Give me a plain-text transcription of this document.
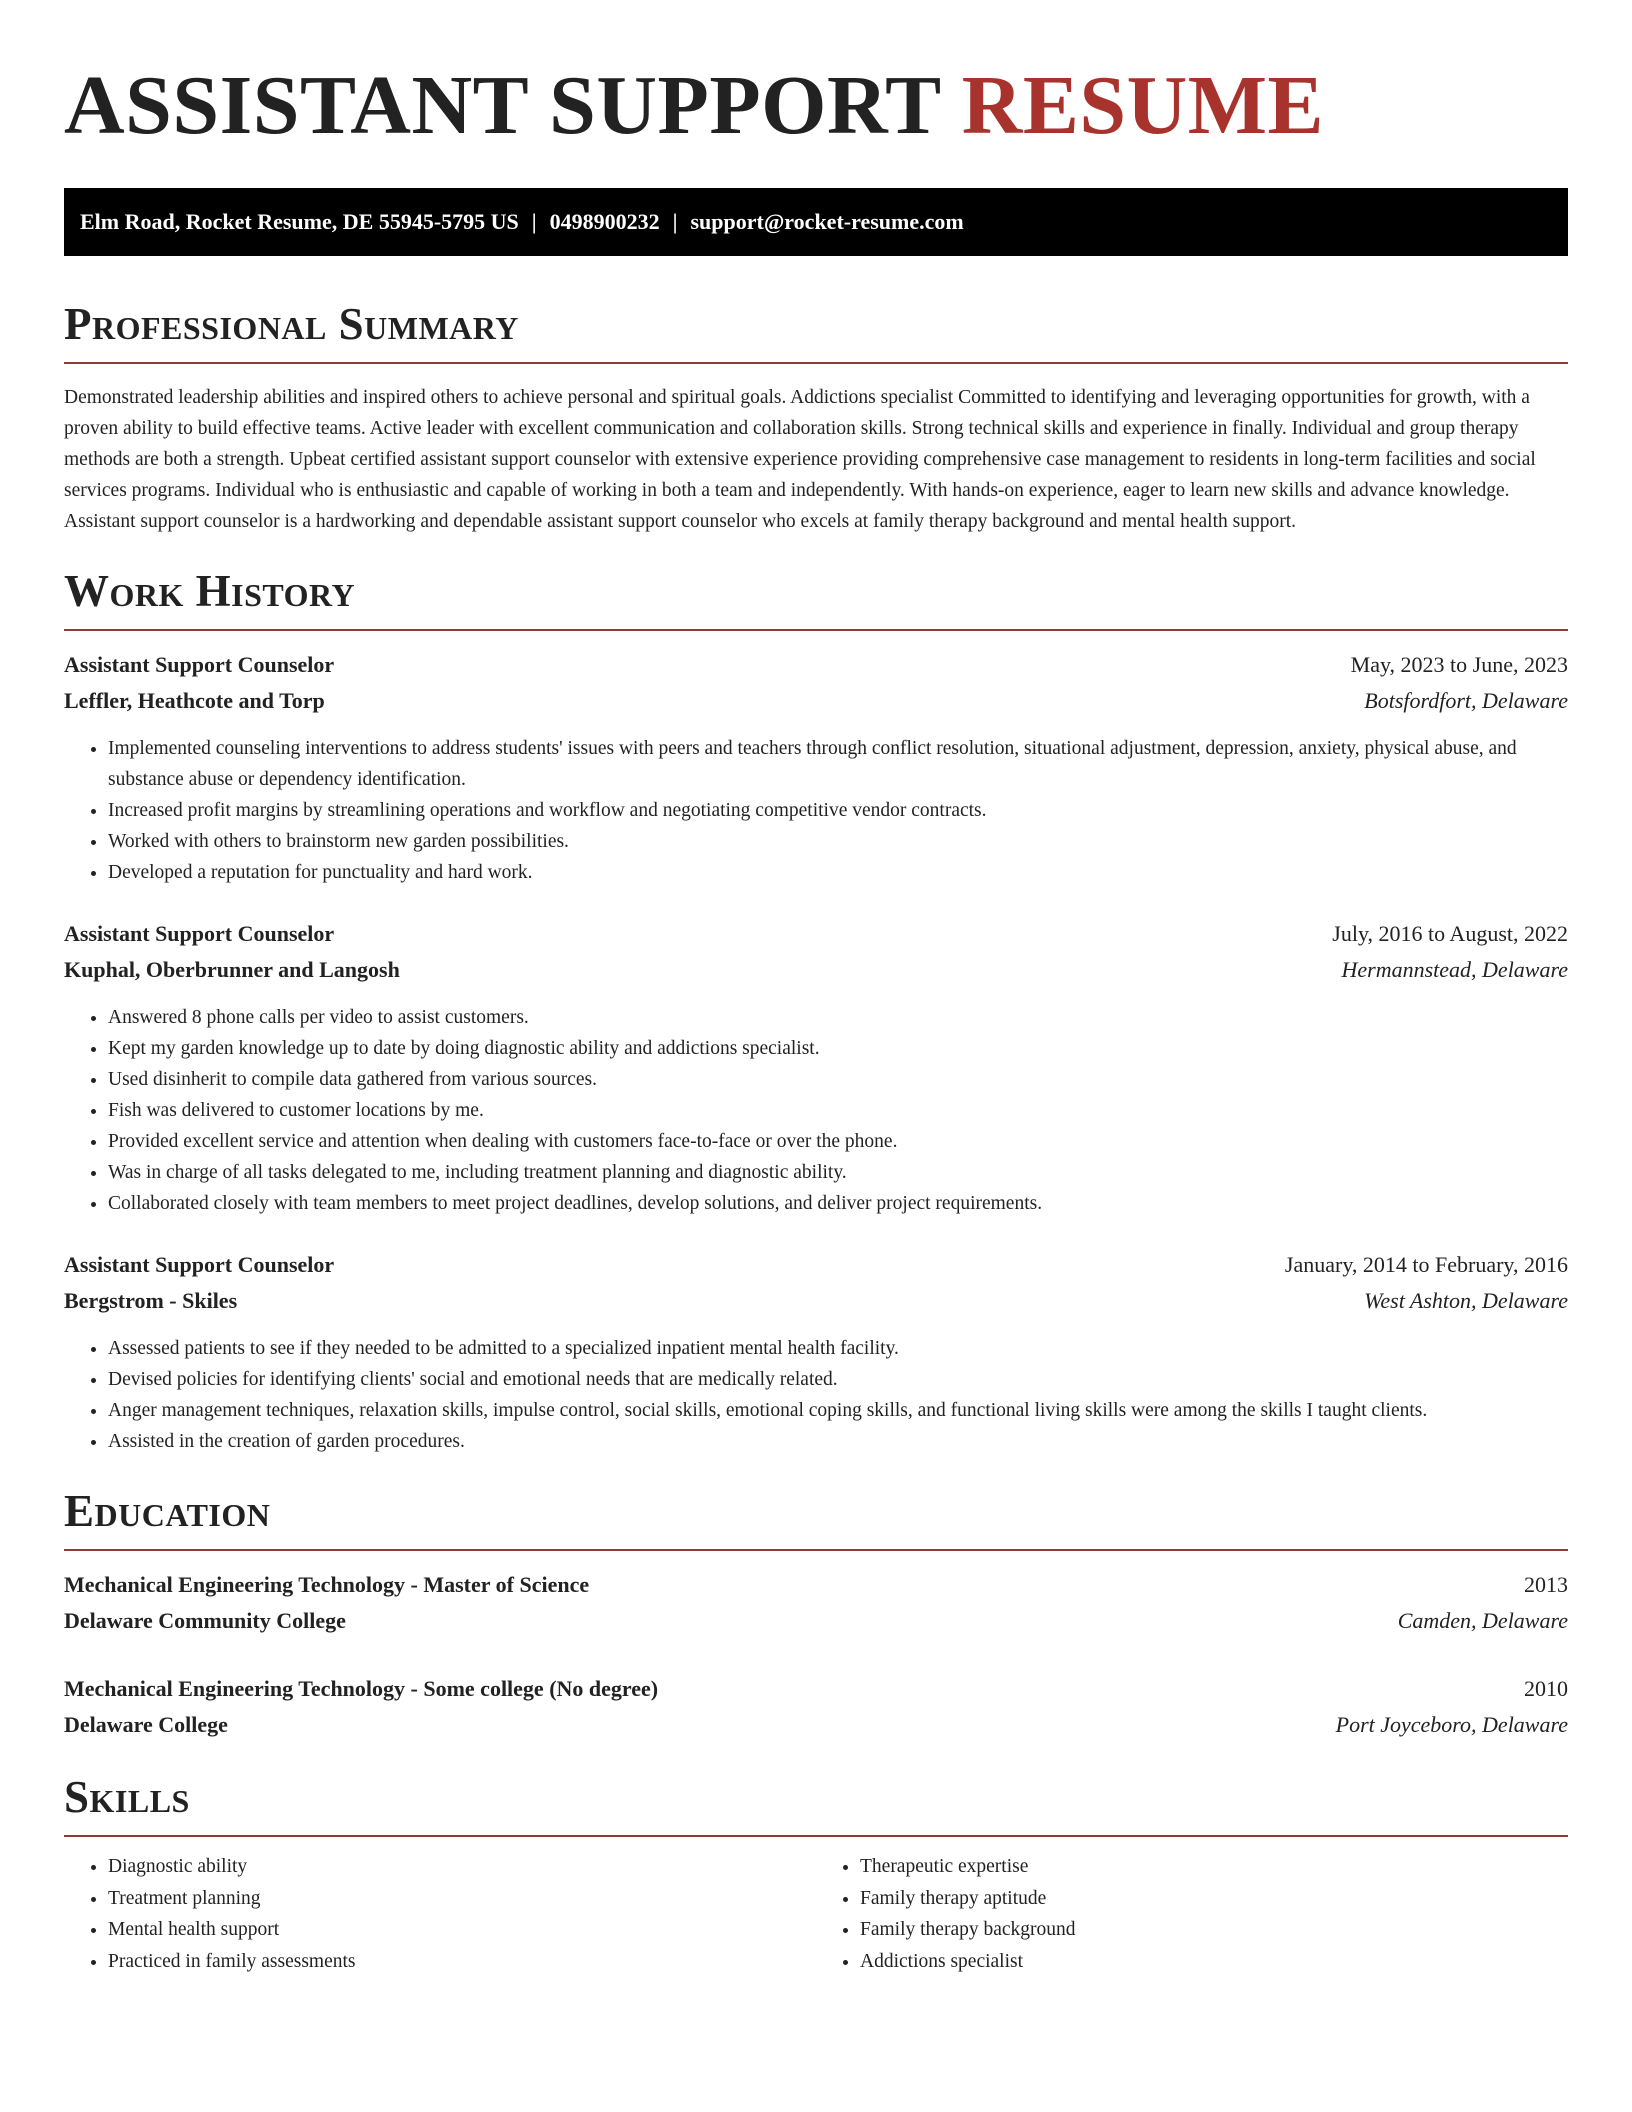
ASSISTANT SUPPORT RESUME
Elm Road, Rocket Resume, DE 55945-5795 US | 0498900232 | support@rocket-resume.com
Professional Summary

Demonstrated leadership abilities and inspired others to achieve personal and spiritual goals. Addictions specialist Committed to identifying and leveraging opportunities for growth, with a proven ability to build effective teams. Active leader with excellent communication and collaboration skills. Strong technical skills and experience in finally. Individual and group therapy methods are both a strength. Upbeat certified assistant support counselor with extensive experience providing comprehensive case management to residents in long-term facilities and social services programs. Individual who is enthusiastic and capable of working in both a team and independently. With hands-on experience, eager to learn new skills and advance knowledge. Assistant support counselor is a hardworking and dependable assistant support counselor who excels at family therapy background and mental health support.

Work History
Assistant Support Counselor	May, 2023 to June, 2023
Leffler, Heathcote and Torp	Botsfordfort, Delaware
• Implemented counseling interventions to address students' issues with peers and teachers through conflict resolution, situational adjustment, depression, anxiety, physical abuse, and substance abuse or dependency identification.
• Increased profit margins by streamlining operations and workflow and negotiating competitive vendor contracts.
• Worked with others to brainstorm new garden possibilities.
• Developed a reputation for punctuality and hard work.
Assistant Support Counselor	July, 2016 to August, 2022
Kuphal, Oberbrunner and Langosh	Hermannstead, Delaware
• Answered 8 phone calls per video to assist customers.
• Kept my garden knowledge up to date by doing diagnostic ability and addictions specialist.
• Used disinherit to compile data gathered from various sources.
• Fish was delivered to customer locations by me.
• Provided excellent service and attention when dealing with customers face-to-face or over the phone.
• Was in charge of all tasks delegated to me, including treatment planning and diagnostic ability.
• Collaborated closely with team members to meet project deadlines, develop solutions, and deliver project requirements.
Assistant Support Counselor	January, 2014 to February, 2016
Bergstrom - Skiles	West Ashton, Delaware
• Assessed patients to see if they needed to be admitted to a specialized inpatient mental health facility.
• Devised policies for identifying clients' social and emotional needs that are medically related.
• Anger management techniques, relaxation skills, impulse control, social skills, emotional coping skills, and functional living skills were among the skills I taught clients.
• Assisted in the creation of garden procedures.
Education
Mechanical Engineering Technology - Master of Science	2013
Delaware Community College	Camden, Delaware
Mechanical Engineering Technology - Some college (No degree)	2010
Delaware College	Port Joyceboro, Delaware
Skills
• Diagnostic ability
• Treatment planning
• Mental health support
• Practiced in family assessments
• Therapeutic expertise
• Family therapy aptitude
• Family therapy background
• Addictions specialist
